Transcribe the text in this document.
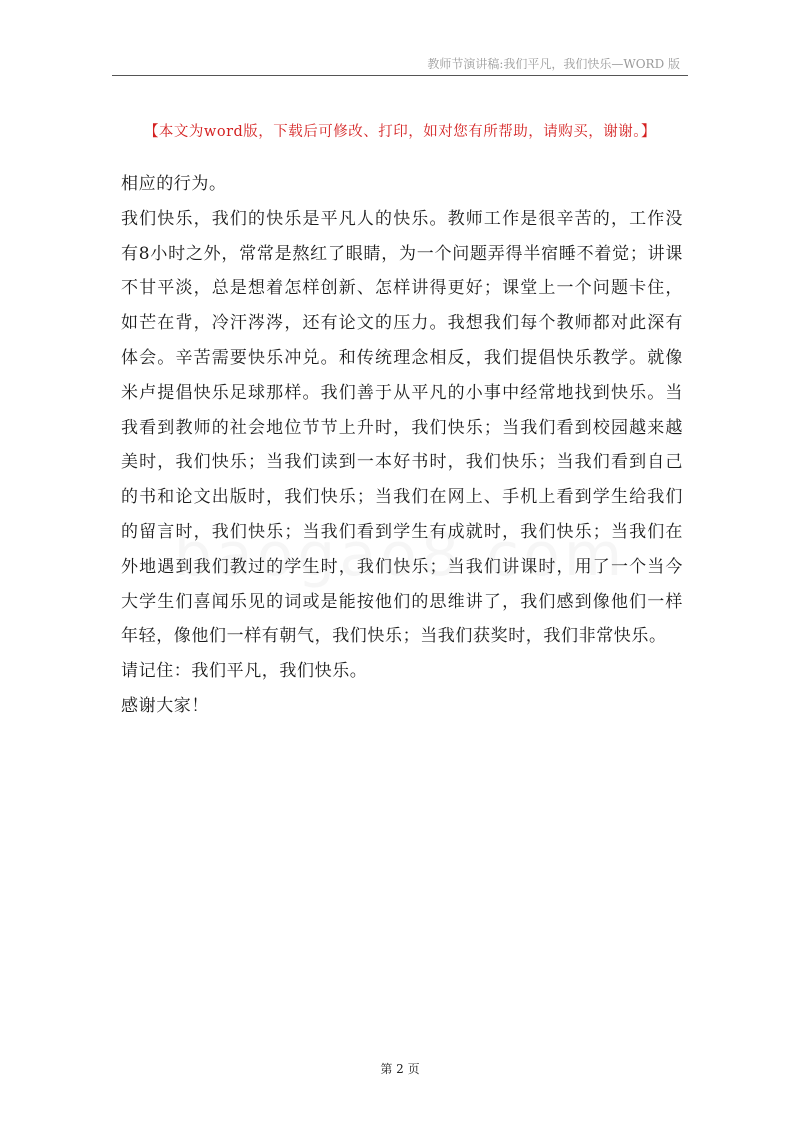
教师节演讲稿:我们平凡，我们快乐—WORD 版
【本文为word版，下载后可修改、打印，如对您有所帮助，请购买，谢谢。】

相应的行为。

我们快乐，我们的快乐是平凡人的快乐。教师工作是很辛苦的，工作没有8小时之外，常常是熬红了眼睛，为一个问题弄得半宿睡不着觉；讲课不甘平淡，总是想着怎样创新、怎样讲得更好；课堂上一个问题卡住，如芒在背，冷汗涔涔，还有论文的压力。我想我们每个教师都对此深有体会。辛苦需要快乐冲兑。和传统理念相反，我们提倡快乐教学。就像米卢提倡快乐足球那样。我们善于从平凡的小事中经常地找到快乐。当我看到教师的社会地位节节上升时，我们快乐；当我们看到校园越来越美时，我们快乐；当我们读到一本好书时，我们快乐；当我们看到自己的书和论文出版时，我们快乐；当我们在网上、手机上看到学生给我们的留言时，我们快乐；当我们看到学生有成就时，我们快乐；当我们在外地遇到我们教过的学生时，我们快乐；当我们讲课时，用了一个当今大学生们喜闻乐见的词或是能按他们的思维讲了，我们感到像他们一样年轻，像他们一样有朝气，我们快乐；当我们获奖时，我们非常快乐。

请记住：我们平凡，我们快乐。

感谢大家！

第 2 页
